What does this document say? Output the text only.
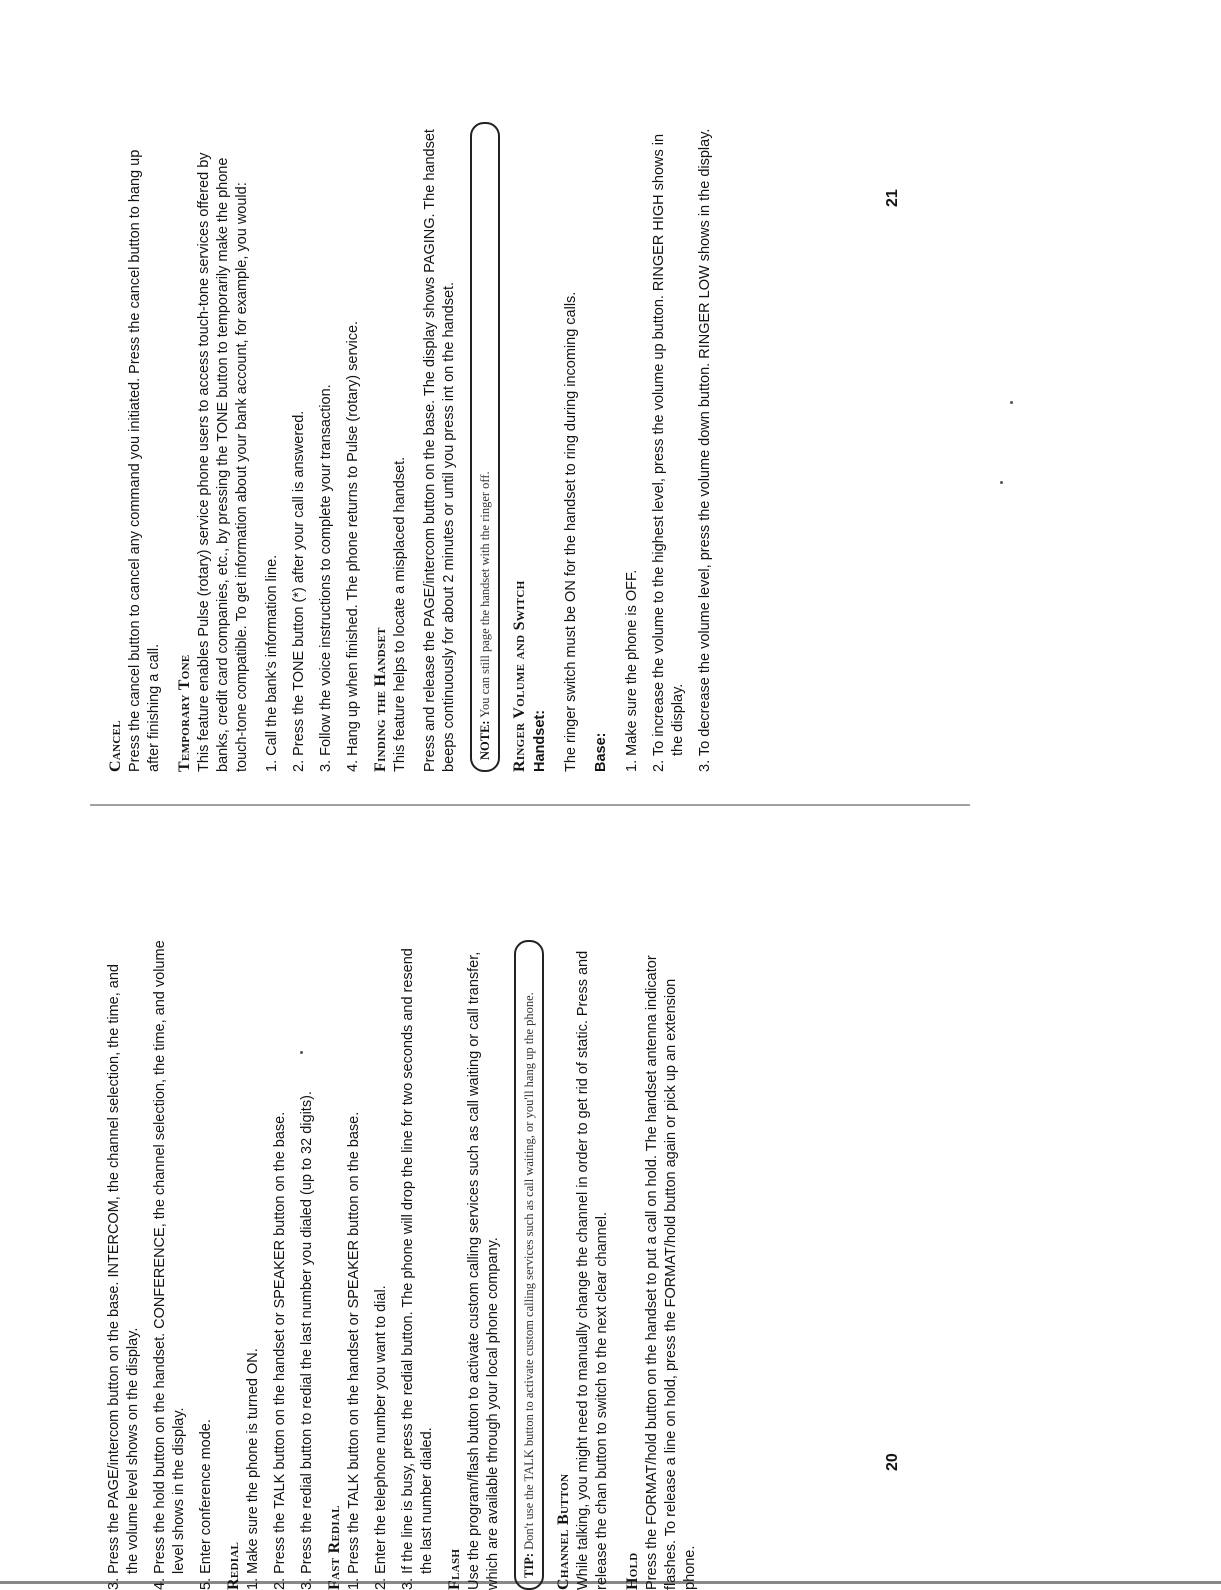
3. Press the PAGE/intercom button on the base. INTERCOM, the channel selection, the time, and the volume level shows on the display. 4. Press the hold button on the handset. CONFERENCE, the channel selection, the time, and volume level shows in the display. 5. Enter conference mode. Redial 1. Make sure the phone is turned ON. 2. Press the TALK button on the handset or SPEAKER button on the base. 3. Press the redial button to redial the last number you dialed (up to 32 digits). Fast Redial 1. Press the TALK button on the handset or SPEAKER button on the base. 2. Enter the telephone number you want to dial. 3. If the line is busy, press the redial button. The phone will drop the line for two seconds and resend the last number dialed. Flash Use the program/flash button to activate custom calling services such as call waiting or call transfer, which are available through your local phone company.	TIP: Don't use the TALK button to activate custom calling services such as call waiting, or you'll hang up the phone.	Channel Button While talking, you might need to manually change the channel in order to get rid of static. Press and release the chan button to switch to the next clear channel. Hold Press the FORMAT/hold button on the handset to put a call on hold. The handset antenna indicator flashes. To release a line on hold, press the FORMAT/hold button again or pick up an extension phone.

20
Cancel Press the cancel button to cancel any command you initiated. Press the cancel button to hang up after finishing a call. Temporary Tone This feature enables Pulse (rotary) service phone users to access touch-tone services offered by banks, credit card companies, etc., by pressing the TONE button to temporarily make the phone touch-tone compatible. To get information about your bank account, for example, you would: 1. Call the bank's information line. 2. Press the TONE button (*) after your call is answered. 3. Follow the voice instructions to complete your transaction. 4. Hang up when finished. The phone returns to Pulse (rotary) service. Finding the Handset This feature helps to locate a misplaced handset. Press and release the PAGE/intercom button on the base. The display shows PAGING. The handset beeps continuously for about 2 minutes or until you press int on the handset.	NOTE: You can still page the handset with the ringer off.	Ringer Volume and Switch Handset: The ringer switch must be ON for the handset to ring during incoming calls. Base: 1. Make sure the phone is OFF. 2. To increase the volume to the highest level, press the volume up button. RINGER HIGH shows in the display. 3. To decrease the volume level, press the volume down button. RINGER LOW shows in the display.	21
